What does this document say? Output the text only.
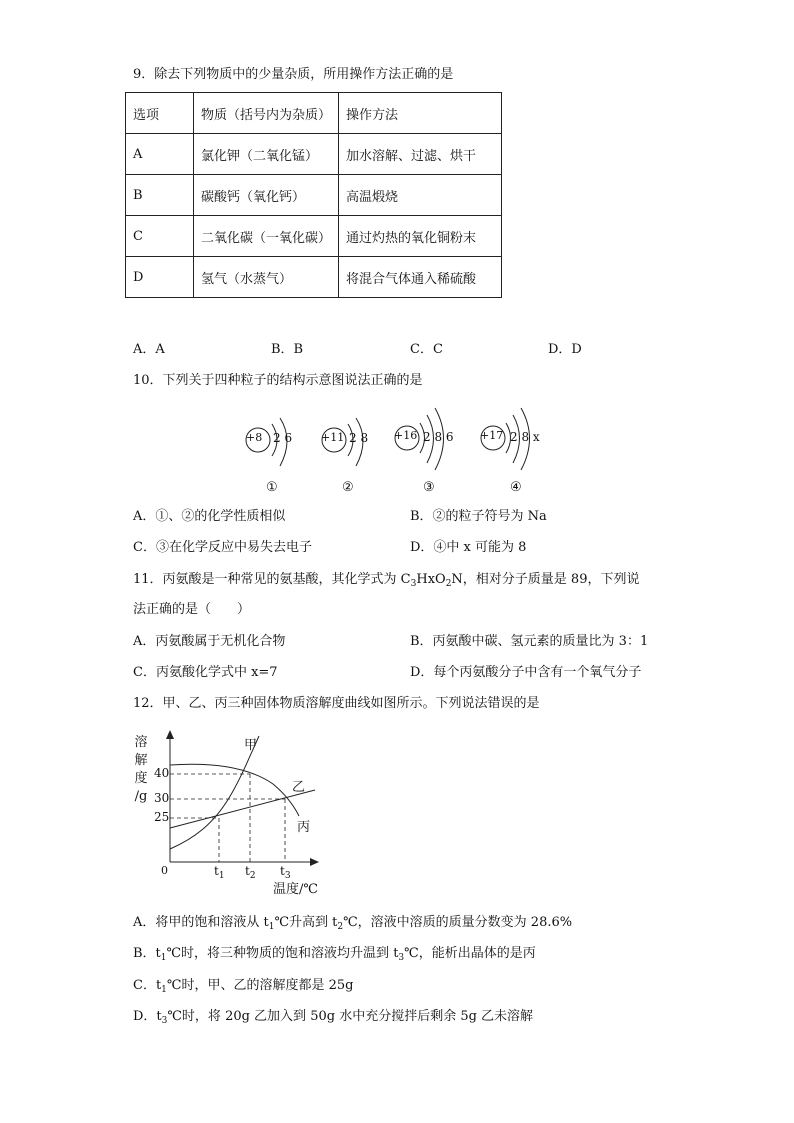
9．除去下列物质中的少量杂质，所用操作方法正确的是
选项	物质（括号内为杂质）	操作方法
A	氯化钾（二氧化锰）	加水溶解、过滤、烘干
B	碳酸钙（氧化钙）	高温煅烧
C	二氧化碳（一氧化碳）	通过灼热的氧化铜粉末
D	氢气（水蒸气）	将混合气体通入稀硫酸
A．A	B．B	C．C	D．D
10．下列关于四种粒子的结构示意图说法正确的是
+8 2 6
①
+11 2 8
②
+16 2 8 6
③
+17 2 8 x
④
A．①、②的化学性质相似	B．②的粒子符号为 Na
C．③在化学反应中易失去电子	D．④中 x 可能为 8
11．丙氨酸是一种常见的氨基酸，其化学式为 $C_3HxO_2N$，相对分子质量是 89，下列说
法正确的是（　　）
A．丙氨酸属于无机化合物	B．丙氨酸中碳、氢元素的质量比为 3：1
C．丙氨酸化学式中 x=7	D．每个丙氨酸分子中含有一个氧气分子
12．甲、乙、丙三种固体物质溶解度曲线如图所示。下列说法错误的是
溶
解
度
/g
40
30
25
0	$t_1$ $t_2$ $t_3$
温度/℃
甲
乙
丙
A．将甲的饱和溶液从 $t_1℃$升高到 $t_2℃$，溶液中溶质的质量分数变为 28.6%
B．$t_1℃$时，将三种物质的饱和溶液均升温到 $t_3℃$，能析出晶体的是丙
C．$t_1℃$时，甲、乙的溶解度都是 25g
D．$t_3℃$时，将 20g 乙加入到 50g 水中充分搅拌后剩余 5g 乙未溶解
